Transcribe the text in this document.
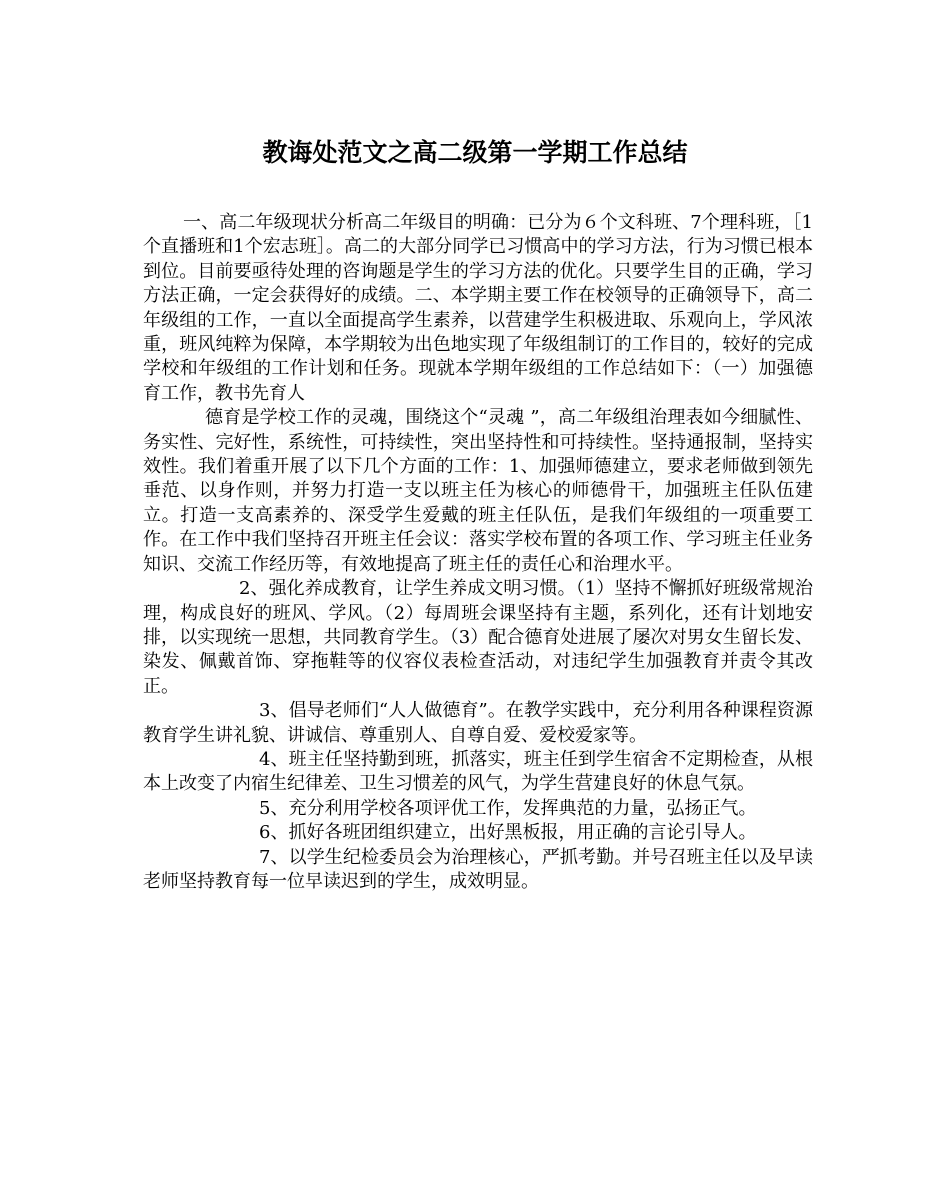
教诲处范文之高二级第一学期工作总结

一、高二年级现状分析高二年级目的明确：已分为６个文科班、7个理科班，［1个直播班和1个宏志班］。高二的大部分同学已习惯高中的学习方法，行为习惯已根本到位。目前要亟待处理的咨询题是学生的学习方法的优化。只要学生目的正确，学习方法正确，一定会获得好的成绩。二、本学期主要工作在校领导的正确领导下，高二年级组的工作，一直以全面提高学生素养，以营建学生积极进取、乐观向上，学风浓重，班风纯粹为保障，本学期较为出色地实现了年级组制订的工作目的，较好的完成学校和年级组的工作计划和任务。现就本学期年级组的工作总结如下：（一）加强德育工作，教书先育人

德育是学校工作的灵魂，围绕这个“灵魂 ”，高二年级组治理表如今细腻性、务实性、完好性，系统性，可持续性，突出坚持性和可持续性。坚持通报制，坚持实效性。我们着重开展了以下几个方面的工作：1、加强师德建立，要求老师做到领先垂范、以身作则，并努力打造一支以班主任为核心的师德骨干，加强班主任队伍建立。打造一支高素养的、深受学生爱戴的班主任队伍，是我们年级组的一项重要工作。在工作中我们坚持召开班主任会议：落实学校布置的各项工作、学习班主任业务知识、交流工作经历等，有效地提高了班主任的责任心和治理水平。

2、强化养成教育，让学生养成文明习惯。（1）坚持不懈抓好班级常规治理，构成良好的班风、学风。（2）每周班会课坚持有主题，系列化，还有计划地安排，以实现统一思想，共同教育学生。（3）配合德育处进展了屡次对男女生留长发、染发、佩戴首饰、穿拖鞋等的仪容仪表检查活动，对违纪学生加强教育并责令其改正。

3、倡导老师们“人人做德育”。在教学实践中，充分利用各种课程资源教育学生讲礼貌、讲诚信、尊重别人、自尊自爱、爱校爱家等。

4、班主任坚持勤到班，抓落实，班主任到学生宿舍不定期检查，从根本上改变了内宿生纪律差、卫生习惯差的风气，为学生营建良好的休息气氛。

5、充分利用学校各项评优工作，发挥典范的力量，弘扬正气。

6、抓好各班团组织建立，出好黑板报，用正确的言论引导人。

7、以学生纪检委员会为治理核心，严抓考勤。并号召班主任以及早读老师坚持教育每一位早读迟到的学生，成效明显。
